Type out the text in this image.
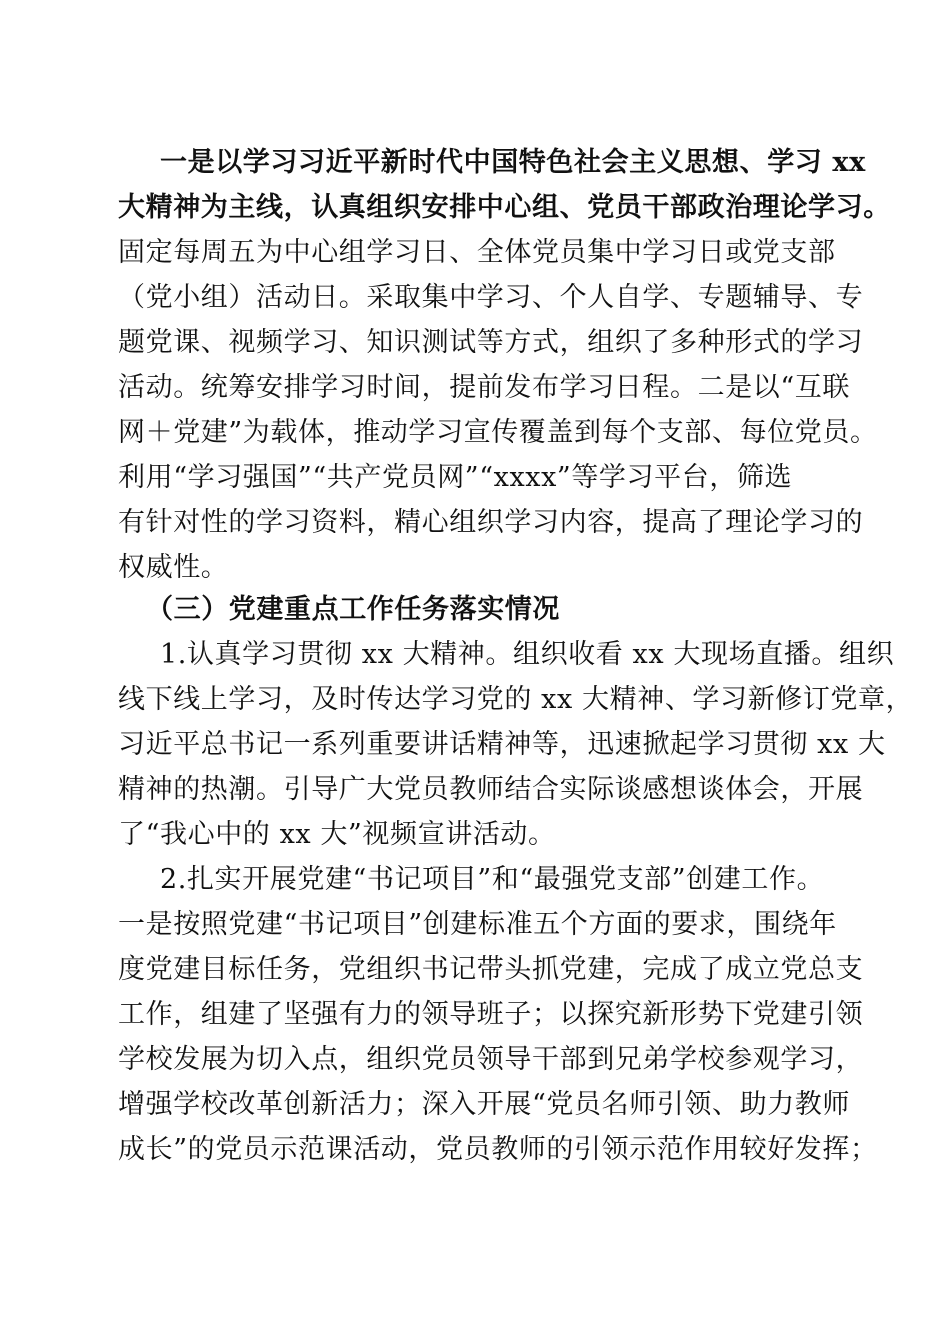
一是以学习习近平新时代中国特色社会主义思想、学习 xx
大精神为主线，认真组织安排中心组、党员干部政治理论学习。
固定每周五为中心组学习日、全体党员集中学习日或党支部
（党小组）活动日。采取集中学习、个人自学、专题辅导、专
题党课、视频学习、知识测试等方式，组织了多种形式的学习
活动。统筹安排学习时间，提前发布学习日程。二是以“互联
网＋党建”为载体，推动学习宣传覆盖到每个支部、每位党员。
利用“学习强国”“共产党员网”“xxxx”等学习平台，筛选
有针对性的学习资料，精心组织学习内容，提高了理论学习的
权威性。
（三）党建重点工作任务落实情况
1.认真学习贯彻 xx 大精神。组织收看 xx 大现场直播。组织
线下线上学习，及时传达学习党的 xx 大精神、学习新修订党章，
习近平总书记一系列重要讲话精神等，迅速掀起学习贯彻 xx 大
精神的热潮。引导广大党员教师结合实际谈感想谈体会，开展
了“我心中的 xx 大”视频宣讲活动。
2.扎实开展党建“书记项目”和“最强党支部”创建工作。
一是按照党建“书记项目”创建标准五个方面的要求，围绕年
度党建目标任务，党组织书记带头抓党建，完成了成立党总支
工作，组建了坚强有力的领导班子；以探究新形势下党建引领
学校发展为切入点，组织党员领导干部到兄弟学校参观学习，
增强学校改革创新活力；深入开展“党员名师引领、助力教师
成长”的党员示范课活动，党员教师的引领示范作用较好发挥；
